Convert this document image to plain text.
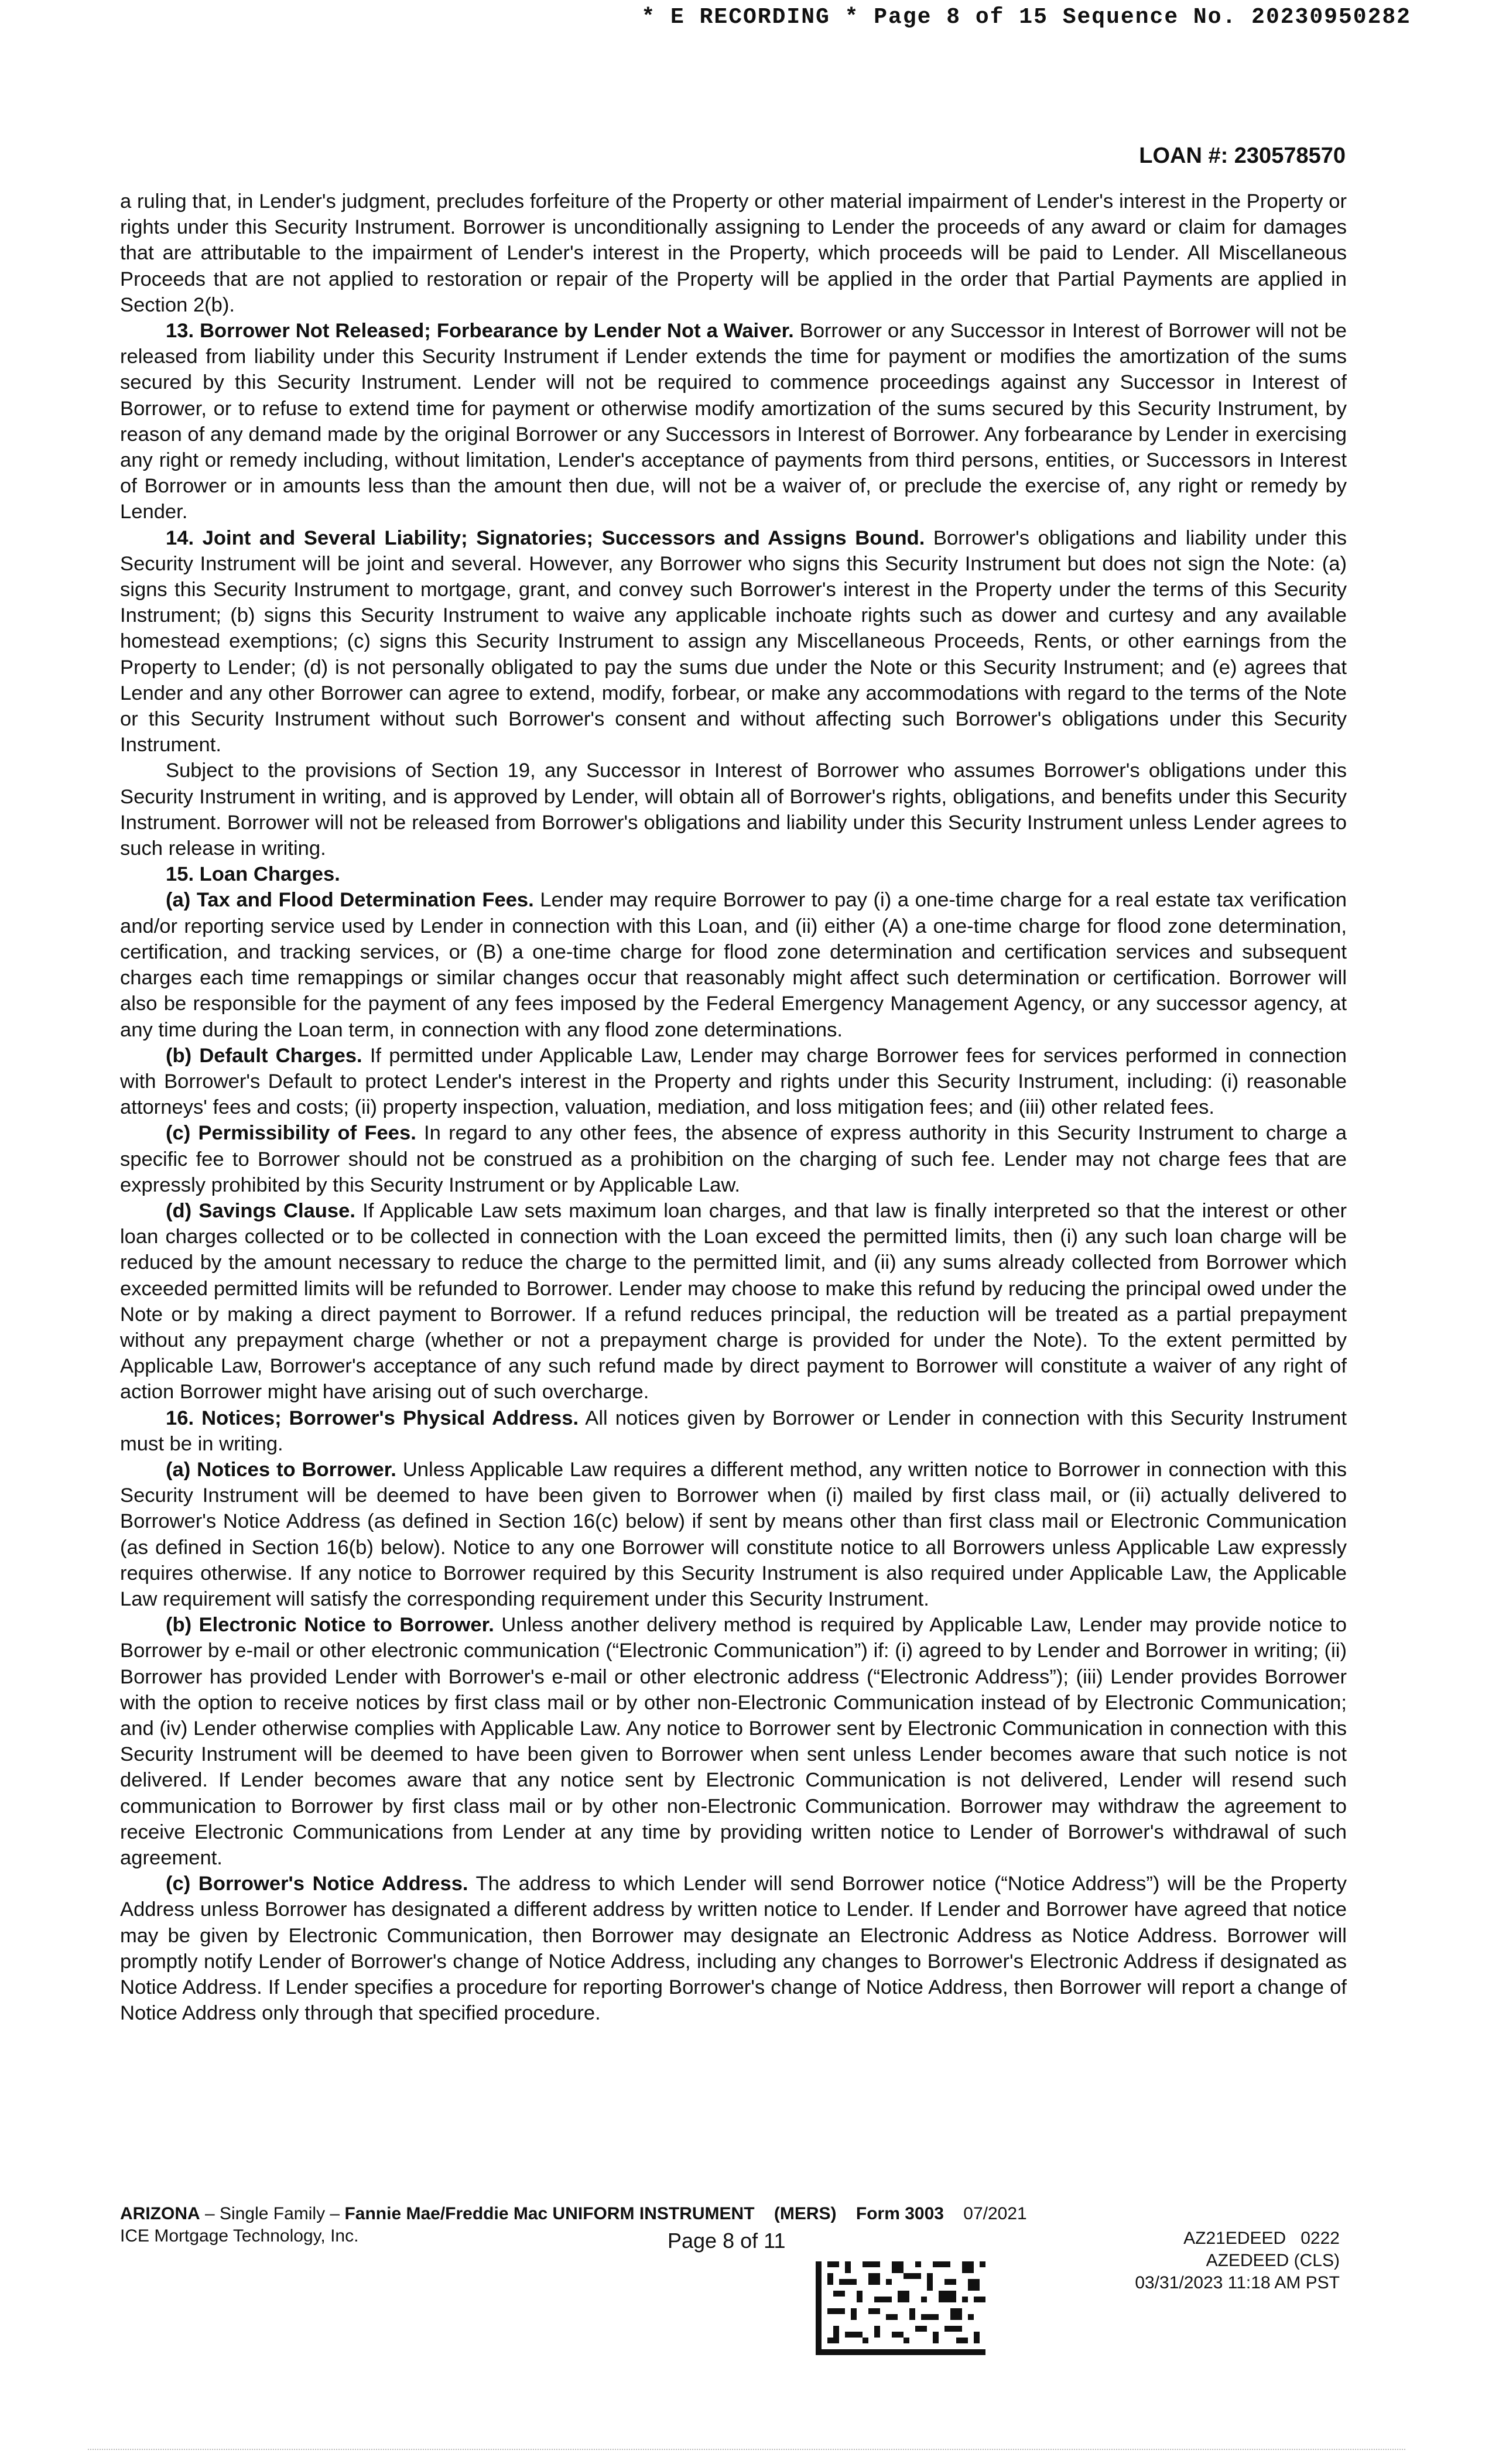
* E RECORDING * Page 8 of 15 Sequence No. 20230950282
LOAN #: 230578570

a ruling that, in Lender's judgment, precludes forfeiture of the Property or other material impairment of Lender's interest in the Property or rights under this Security Instrument. Borrower is unconditionally assigning to Lender the proceeds of any award or claim for damages that are attributable to the impairment of Lender's interest in the Property, which proceeds will be paid to Lender. All Miscellaneous Proceeds that are not applied to restoration or repair of the Property will be applied in the order that Partial Payments are applied in Section 2(b).

13. Borrower Not Released; Forbearance by Lender Not a Waiver. Borrower or any Successor in Interest of Borrower will not be released from liability under this Security Instrument if Lender extends the time for payment or modifies the amortization of the sums secured by this Security Instrument. Lender will not be required to commence proceedings against any Successor in Interest of Borrower, or to refuse to extend time for payment or otherwise modify amortization of the sums secured by this Security Instrument, by reason of any demand made by the original Borrower or any Successors in Interest of Borrower. Any forbearance by Lender in exercising any right or remedy including, without limitation, Lender's acceptance of payments from third persons, entities, or Successors in Interest of Borrower or in amounts less than the amount then due, will not be a waiver of, or preclude the exercise of, any right or remedy by Lender.

14. Joint and Several Liability; Signatories; Successors and Assigns Bound. Borrower's obligations and liability under this Security Instrument will be joint and several. However, any Borrower who signs this Security Instrument but does not sign the Note: (a) signs this Security Instrument to mortgage, grant, and convey such Borrower's interest in the Property under the terms of this Security Instrument; (b) signs this Security Instrument to waive any applicable inchoate rights such as dower and curtesy and any available homestead exemptions; (c) signs this Security Instrument to assign any Miscellaneous Proceeds, Rents, or other earnings from the Property to Lender; (d) is not personally obligated to pay the sums due under the Note or this Security Instrument; and (e) agrees that Lender and any other Borrower can agree to extend, modify, forbear, or make any accommodations with regard to the terms of the Note or this Security Instrument without such Borrower's consent and without affecting such Borrower's obligations under this Security Instrument.

Subject to the provisions of Section 19, any Successor in Interest of Borrower who assumes Borrower's obligations under this Security Instrument in writing, and is approved by Lender, will obtain all of Borrower's rights, obligations, and benefits under this Security Instrument. Borrower will not be released from Borrower's obligations and liability under this Security Instrument unless Lender agrees to such release in writing.

15. Loan Charges.

(a) Tax and Flood Determination Fees. Lender may require Borrower to pay (i) a one-time charge for a real estate tax verification and/or reporting service used by Lender in connection with this Loan, and (ii) either (A) a one-time charge for flood zone determination, certification, and tracking services, or (B) a one-time charge for flood zone determination and certification services and subsequent charges each time remappings or similar changes occur that reasonably might affect such determination or certification. Borrower will also be responsible for the payment of any fees imposed by the Federal Emergency Management Agency, or any successor agency, at any time during the Loan term, in connection with any flood zone determinations.

(b) Default Charges. If permitted under Applicable Law, Lender may charge Borrower fees for services performed in connection with Borrower's Default to protect Lender's interest in the Property and rights under this Security Instrument, including: (i) reasonable attorneys' fees and costs; (ii) property inspection, valuation, mediation, and loss mitigation fees; and (iii) other related fees.

(c) Permissibility of Fees. In regard to any other fees, the absence of express authority in this Security Instrument to charge a specific fee to Borrower should not be construed as a prohibition on the charging of such fee. Lender may not charge fees that are expressly prohibited by this Security Instrument or by Applicable Law.

(d) Savings Clause. If Applicable Law sets maximum loan charges, and that law is finally interpreted so that the interest or other loan charges collected or to be collected in connection with the Loan exceed the permitted limits, then (i) any such loan charge will be reduced by the amount necessary to reduce the charge to the permitted limit, and (ii) any sums already collected from Borrower which exceeded permitted limits will be refunded to Borrower. Lender may choose to make this refund by reducing the principal owed under the Note or by making a direct payment to Borrower. If a refund reduces principal, the reduction will be treated as a partial prepayment without any prepayment charge (whether or not a prepayment charge is provided for under the Note). To the extent permitted by Applicable Law, Borrower's acceptance of any such refund made by direct payment to Borrower will constitute a waiver of any right of action Borrower might have arising out of such overcharge.

16. Notices; Borrower's Physical Address. All notices given by Borrower or Lender in connection with this Security Instrument must be in writing.

(a) Notices to Borrower. Unless Applicable Law requires a different method, any written notice to Borrower in connection with this Security Instrument will be deemed to have been given to Borrower when (i) mailed by first class mail, or (ii) actually delivered to Borrower's Notice Address (as defined in Section 16(c) below) if sent by means other than first class mail or Electronic Communication (as defined in Section 16(b) below). Notice to any one Borrower will constitute notice to all Borrowers unless Applicable Law expressly requires otherwise. If any notice to Borrower required by this Security Instrument is also required under Applicable Law, the Applicable Law requirement will satisfy the corresponding requirement under this Security Instrument.

(b) Electronic Notice to Borrower. Unless another delivery method is required by Applicable Law, Lender may provide notice to Borrower by e-mail or other electronic communication (“Electronic Communication”) if: (i) agreed to by Lender and Borrower in writing; (ii) Borrower has provided Lender with Borrower's e-mail or other electronic address (“Electronic Address”); (iii) Lender provides Borrower with the option to receive notices by first class mail or by other non-Electronic Communication instead of by Electronic Communication; and (iv) Lender otherwise complies with Applicable Law. Any notice to Borrower sent by Electronic Communication in connection with this Security Instrument will be deemed to have been given to Borrower when sent unless Lender becomes aware that such notice is not delivered. If Lender becomes aware that any notice sent by Electronic Communication is not delivered, Lender will resend such communication to Borrower by first class mail or by other non-Electronic Communication. Borrower may withdraw the agreement to receive Electronic Communications from Lender at any time by providing written notice to Lender of Borrower's withdrawal of such agreement.

(c) Borrower's Notice Address. The address to which Lender will send Borrower notice (“Notice Address”) will be the Property Address unless Borrower has designated a different address by written notice to Lender. If Lender and Borrower have agreed that notice may be given by Electronic Communication, then Borrower may designate an Electronic Address as Notice Address. Borrower will promptly notify Lender of Borrower's change of Notice Address, including any changes to Borrower's Electronic Address if designated as Notice Address. If Lender specifies a procedure for reporting Borrower's change of Notice Address, then Borrower will report a change of Notice Address only through that specified procedure.

ARIZONA – Single Family – Fannie Mae/Freddie Mac UNIFORM INSTRUMENT (MERS) Form 3003 07/2021
ICE Mortgage Technology, Inc.	Page 8 of 11	AZ21EDEED 0222
AZEDEED (CLS)
03/31/2023 11:18 AM PST
